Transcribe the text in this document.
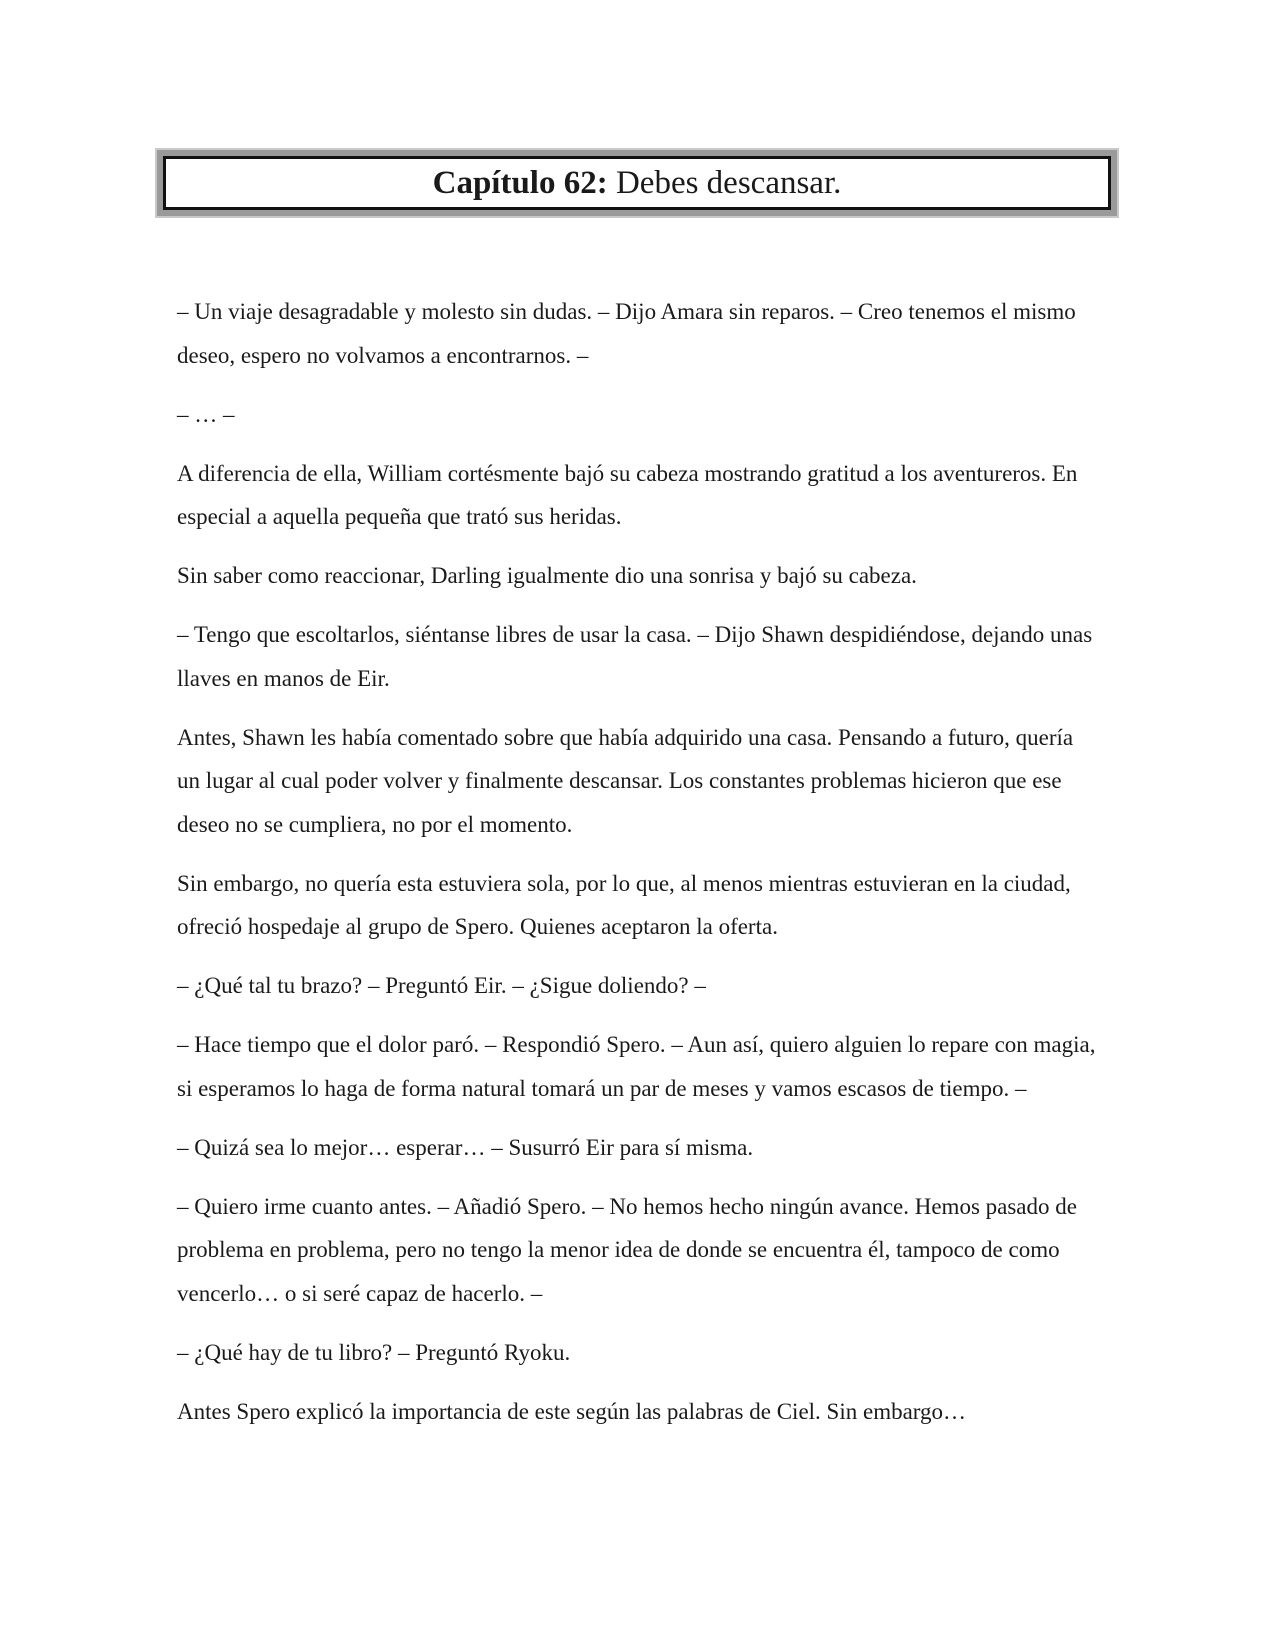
Capítulo 62:
Debes descansar.

– Un viaje desagradable y molesto sin dudas. – Dijo Amara sin reparos. – Creo tenemos el mismo deseo, espero no volvamos a encontrarnos. –

– … –

A diferencia de ella, William cortésmente bajó su cabeza mostrando gratitud a los aventureros. En especial a aquella pequeña que trató sus heridas.

Sin saber como reaccionar, Darling igualmente dio una sonrisa y bajó su cabeza.

– Tengo que escoltarlos, siéntanse libres de usar la casa. – Dijo Shawn despidiéndose, dejando unas llaves en manos de Eir.

Antes, Shawn les había comentado sobre que había adquirido una casa. Pensando a futuro, quería un lugar al cual poder volver y finalmente descansar. Los constantes problemas hicieron que ese deseo no se cumpliera, no por el momento.

Sin embargo, no quería esta estuviera sola, por lo que, al menos mientras estuvieran en la ciudad, ofreció hospedaje al grupo de Spero. Quienes aceptaron la oferta.

– ¿Qué tal tu brazo? – Preguntó Eir. – ¿Sigue doliendo? –

– Hace tiempo que el dolor paró. – Respondió Spero. – Aun así, quiero alguien lo repare con magia, si esperamos lo haga de forma natural tomará un par de meses y vamos escasos de tiempo. –

– Quizá sea lo mejor… esperar… – Susurró Eir para sí misma.

– Quiero irme cuanto antes. – Añadió Spero. – No hemos hecho ningún avance. Hemos pasado de problema en problema, pero no tengo la menor idea de donde se encuentra él, tampoco de como vencerlo… o si seré capaz de hacerlo. –

– ¿Qué hay de tu libro? – Preguntó Ryoku.

Antes Spero explicó la importancia de este según las palabras de Ciel. Sin embargo…
